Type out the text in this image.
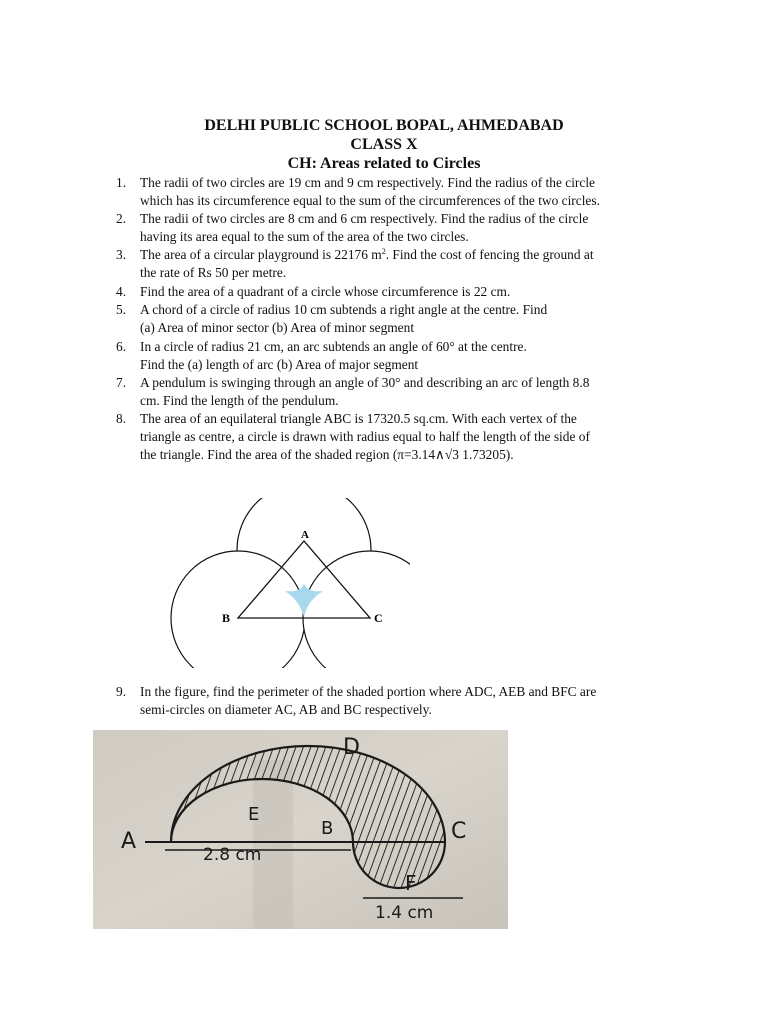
DELHI PUBLIC SCHOOL BOPAL, AHMEDABAD
CLASS X
CH: Areas related to Circles
1.	The radii of two circles are 19 cm and 9 cm respectively. Find the radius of the circle
which has its circumference equal to the sum of the circumferences of the two circles.
2.	The radii of two circles are 8 cm and 6 cm respectively. Find the radius of the circle
having its area equal to the sum of the area of the two circles.
3.	The area of a circular playground is 22176 $m^2$. Find the cost of fencing the ground at
the rate of Rs 50 per metre.
4.	Find the area of a quadrant of a circle whose circumference is 22 cm.
5.	A chord of a circle of radius 10 cm subtends a right angle at the centre. Find
(a) Area of minor sector (b) Area of minor segment
6.	In a circle of radius 21 cm, an arc subtends an angle of 60° at the centre.
Find the (a) length of arc (b) Area of major segment
7.	A pendulum is swinging through an angle of 30° and describing an arc of length 8.8
cm. Find the length of the pendulum.
8.	The area of an equilateral triangle ABC is 17320.5 sq.cm. With each vertex of the
triangle as centre, a circle is drawn with radius equal to half the length of the side of
the triangle. Find the area of the shaded region (π=3.14∧√3 1.73205).
A
B	C
9.	In the figure, find the perimeter of the shaded portion where ADC, AEB and BFC are
semi-circles on diameter AC, AB and BC respectively.
A
D
E
B	C
F
2.8 cm
1.4 cm
